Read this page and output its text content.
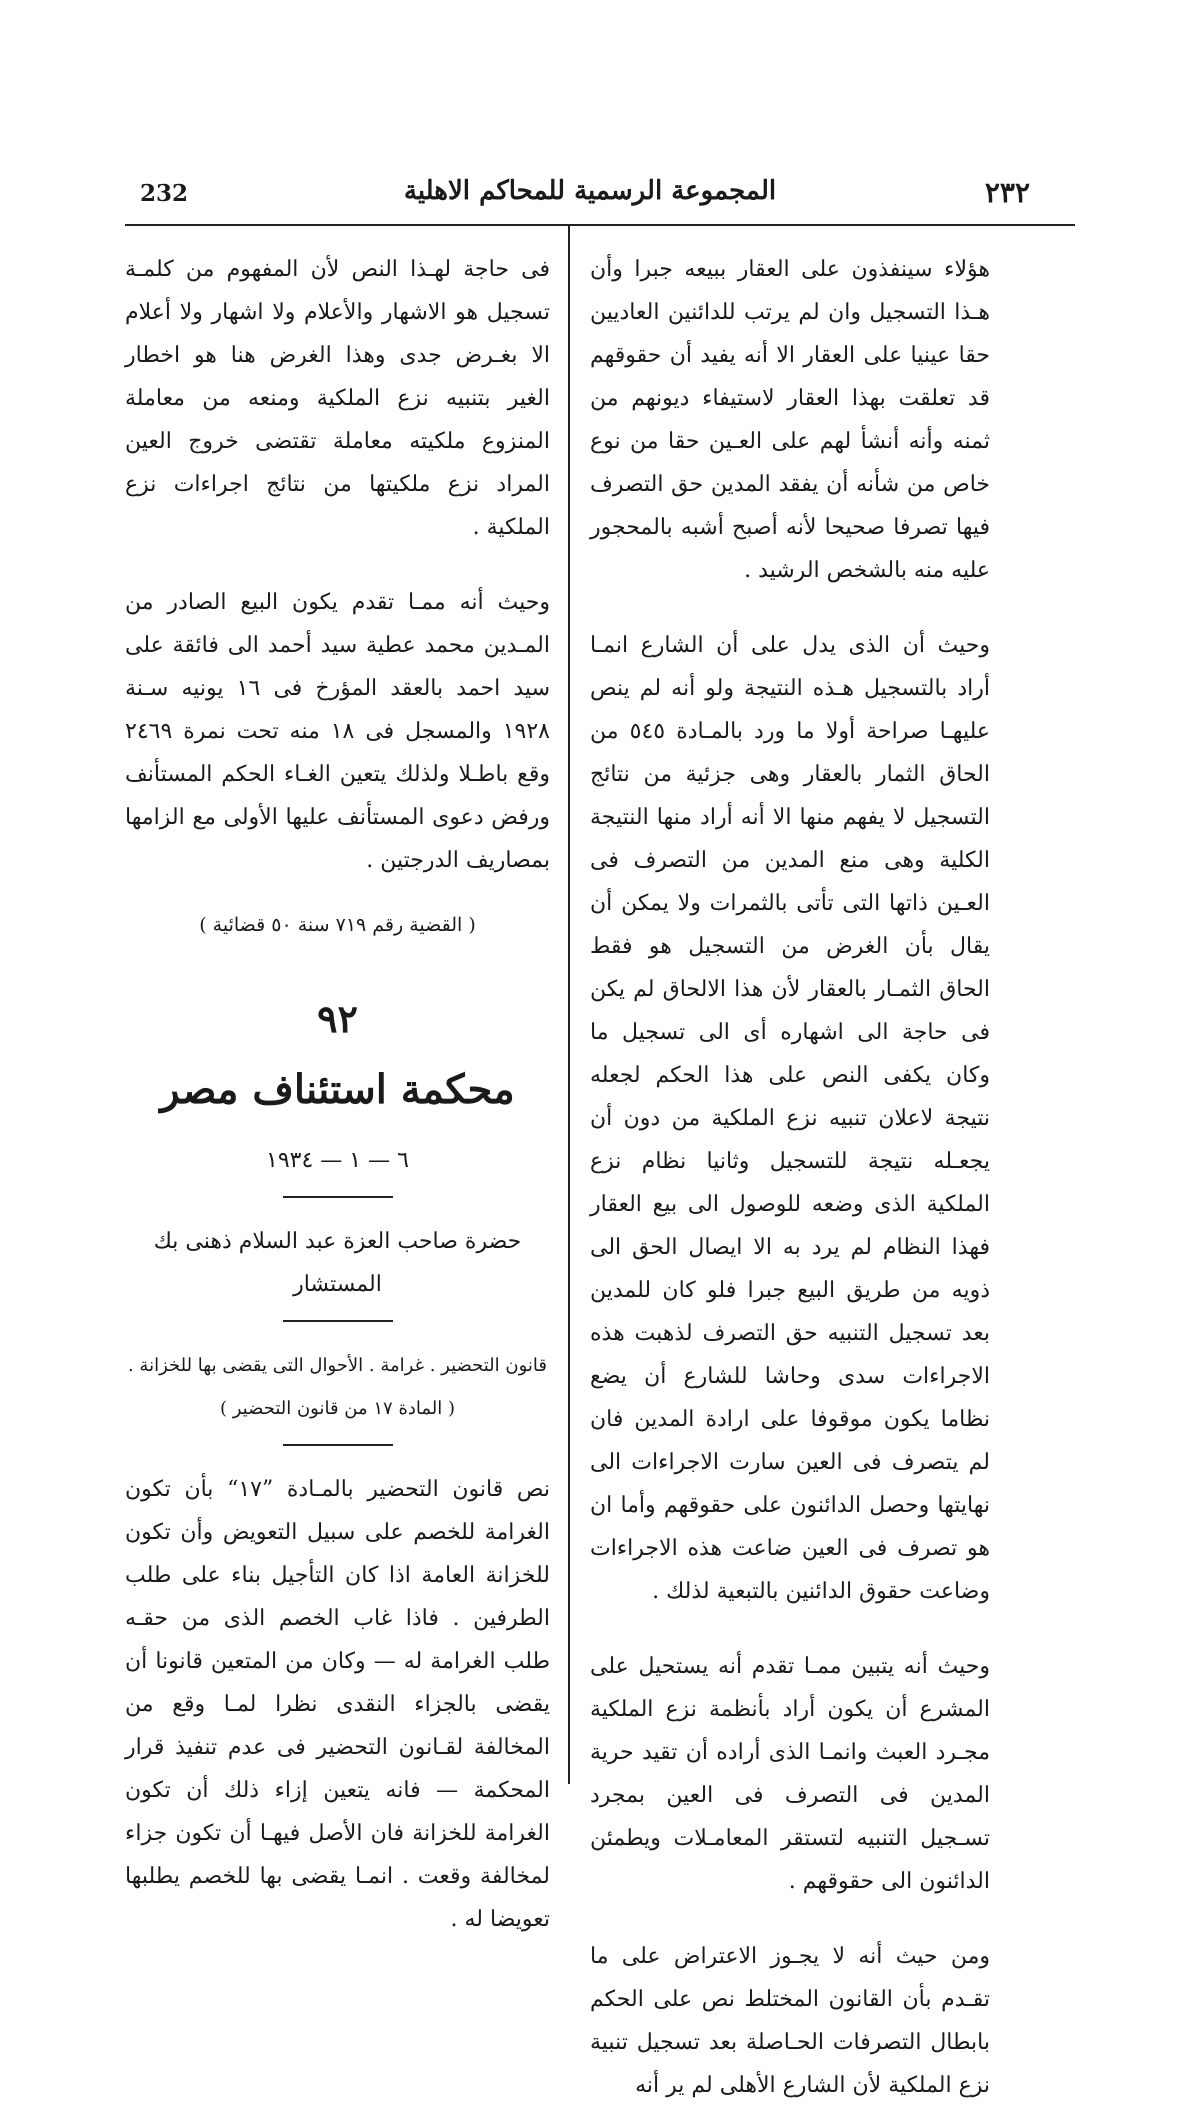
232	المجموعة الرسمية للمحاكم الاهلية	٢٣٢

هؤلاء سينفذون على العقار ببيعه جبرا وأن هـذا التسجيل وان لم يرتب للدائنين العاديين حقا عينيا على العقار الا أنه يفيد أن حقوقهم قد تعلقت بهذا العقار لاستيفاء ديونهم من ثمنه وأنه أنشأ لهم على العـين حقا من نوع خاص من شأنه أن يفقد المدين حق التصرف فيها تصرفا صحيحا لأنه أصبح أشبه بالمحجور عليه منه بالشخص الرشيد .

وحيث أن الذى يدل على أن الشارع انمـا أراد بالتسجيل هـذه النتيجة ولو أنه لم ينص عليهـا صراحة أولا ما ورد بالمـادة ٥٤٥ من الحاق الثمار بالعقار وهى جزئية من نتائج التسجيل لا يفهم منها الا أنه أراد منها النتيجة الكلية وهى منع المدين من التصرف فى العـين ذاتها التى تأتى بالثمرات ولا يمكن أن يقال بأن الغرض من التسجيل هو فقط الحاق الثمـار بالعقار لأن هذا الالحاق لم يكن فى حاجة الى اشهاره أى الى تسجيل ما وكان يكفى النص على هذا الحكم لجعله نتيجة لاعلان تنبيه نزع الملكية من دون أن يجعـله نتيجة للتسجيل وثانيا نظام نزع الملكية الذى وضعه للوصول الى بيع العقار فهذا النظام لم يرد به الا ايصال الحق الى ذويه من طريق البيع جبرا فلو كان للمدين بعد تسجيل التنبيه حق التصرف لذهبت هذه الاجراءات سدى وحاشا للشارع أن يضع نظاما يكون موقوفا على ارادة المدين فان لم يتصرف فى العين سارت الاجراءات الى نهايتها وحصل الدائنون على حقوقهم وأما ان هو تصرف فى العين ضاعت هذه الاجراءات وضاعت حقوق الدائنين بالتبعية لذلك .

وحيث أنه يتبين ممـا تقدم أنه يستحيل على المشرع أن يكون أراد بأنظمة نزع الملكية مجـرد العبث وانمـا الذى أراده أن تقيد حرية المدين فى التصرف فى العين بمجرد تسـجيل التنبيه لتستقر المعامـلات ويطمئن الدائنون الى حقوقهم .

ومن حيث أنه لا يجـوز الاعتراض على ما تقـدم بأن القانون المختلط نص على الحكم بابطال التصرفات الحـاصلة بعد تسجيل تنبية نزع الملكية لأن الشارع الأهلى لم ير أنه

فى حاجة لهـذا النص لأن المفهوم من كلمـة تسجيل هو الاشهار والأعلام ولا اشهار ولا أعلام الا بغـرض جدى وهذا الغرض هنا هو اخطار الغير بتنبيه نزع الملكية ومنعه من معاملة المنزوع ملكيته معاملة تقتضى خروج العين المراد نزع ملكيتها من نتائج اجراءات نزع الملكية .

وحيث أنه ممـا تقدم يكون البيع الصادر من المـدين محمد عطية سيد أحمد الى فائقة على سيد احمد بالعقد المؤرخ فى ١٦ يونيه سـنة ١٩٢٨ والمسجل فى ١٨ منه تحت نمرة ٢٤٦٩ وقع باطـلا ولذلك يتعين الغـاء الحكم المستأنف ورفض دعوى المستأنف عليها الأولى مع الزامها بمصاريف الدرجتين .

( القضية رقم ٧١٩ سنة ٥٠ قضائية )

٩٢

محكمة استئناف مصر

٦ — ١ — ١٩٣٤

حضرة صاحب العزة عبد السلام ذهنى بك المستشار

قانون التحضير . غرامة . الأحوال التى يقضى بها للخزانة .

( المادة ١٧ من قانون التحضير )

نص قانون التحضير بالمـادة ”١٧“ بأن تكون الغرامة للخصم على سبيل التعويض وأن تكون للخزانة العامة اذا كان التأجيل بناء على طلب الطرفين . فاذا غاب الخصم الذى من حقـه طلب الغرامة له — وكان من المتعين قانونا أن يقضى بالجزاء النقدى نظرا لمـا وقع من المخالفة لقـانون التحضير فى عدم تنفيذ قرار المحكمة — فانه يتعين إزاء ذلك أن تكون الغرامة للخزانة فان الأصل فيهـا أن تكون جزاء لمخالفة وقعت . انمـا يقضى بها للخصم يطلبها تعويضا له .
